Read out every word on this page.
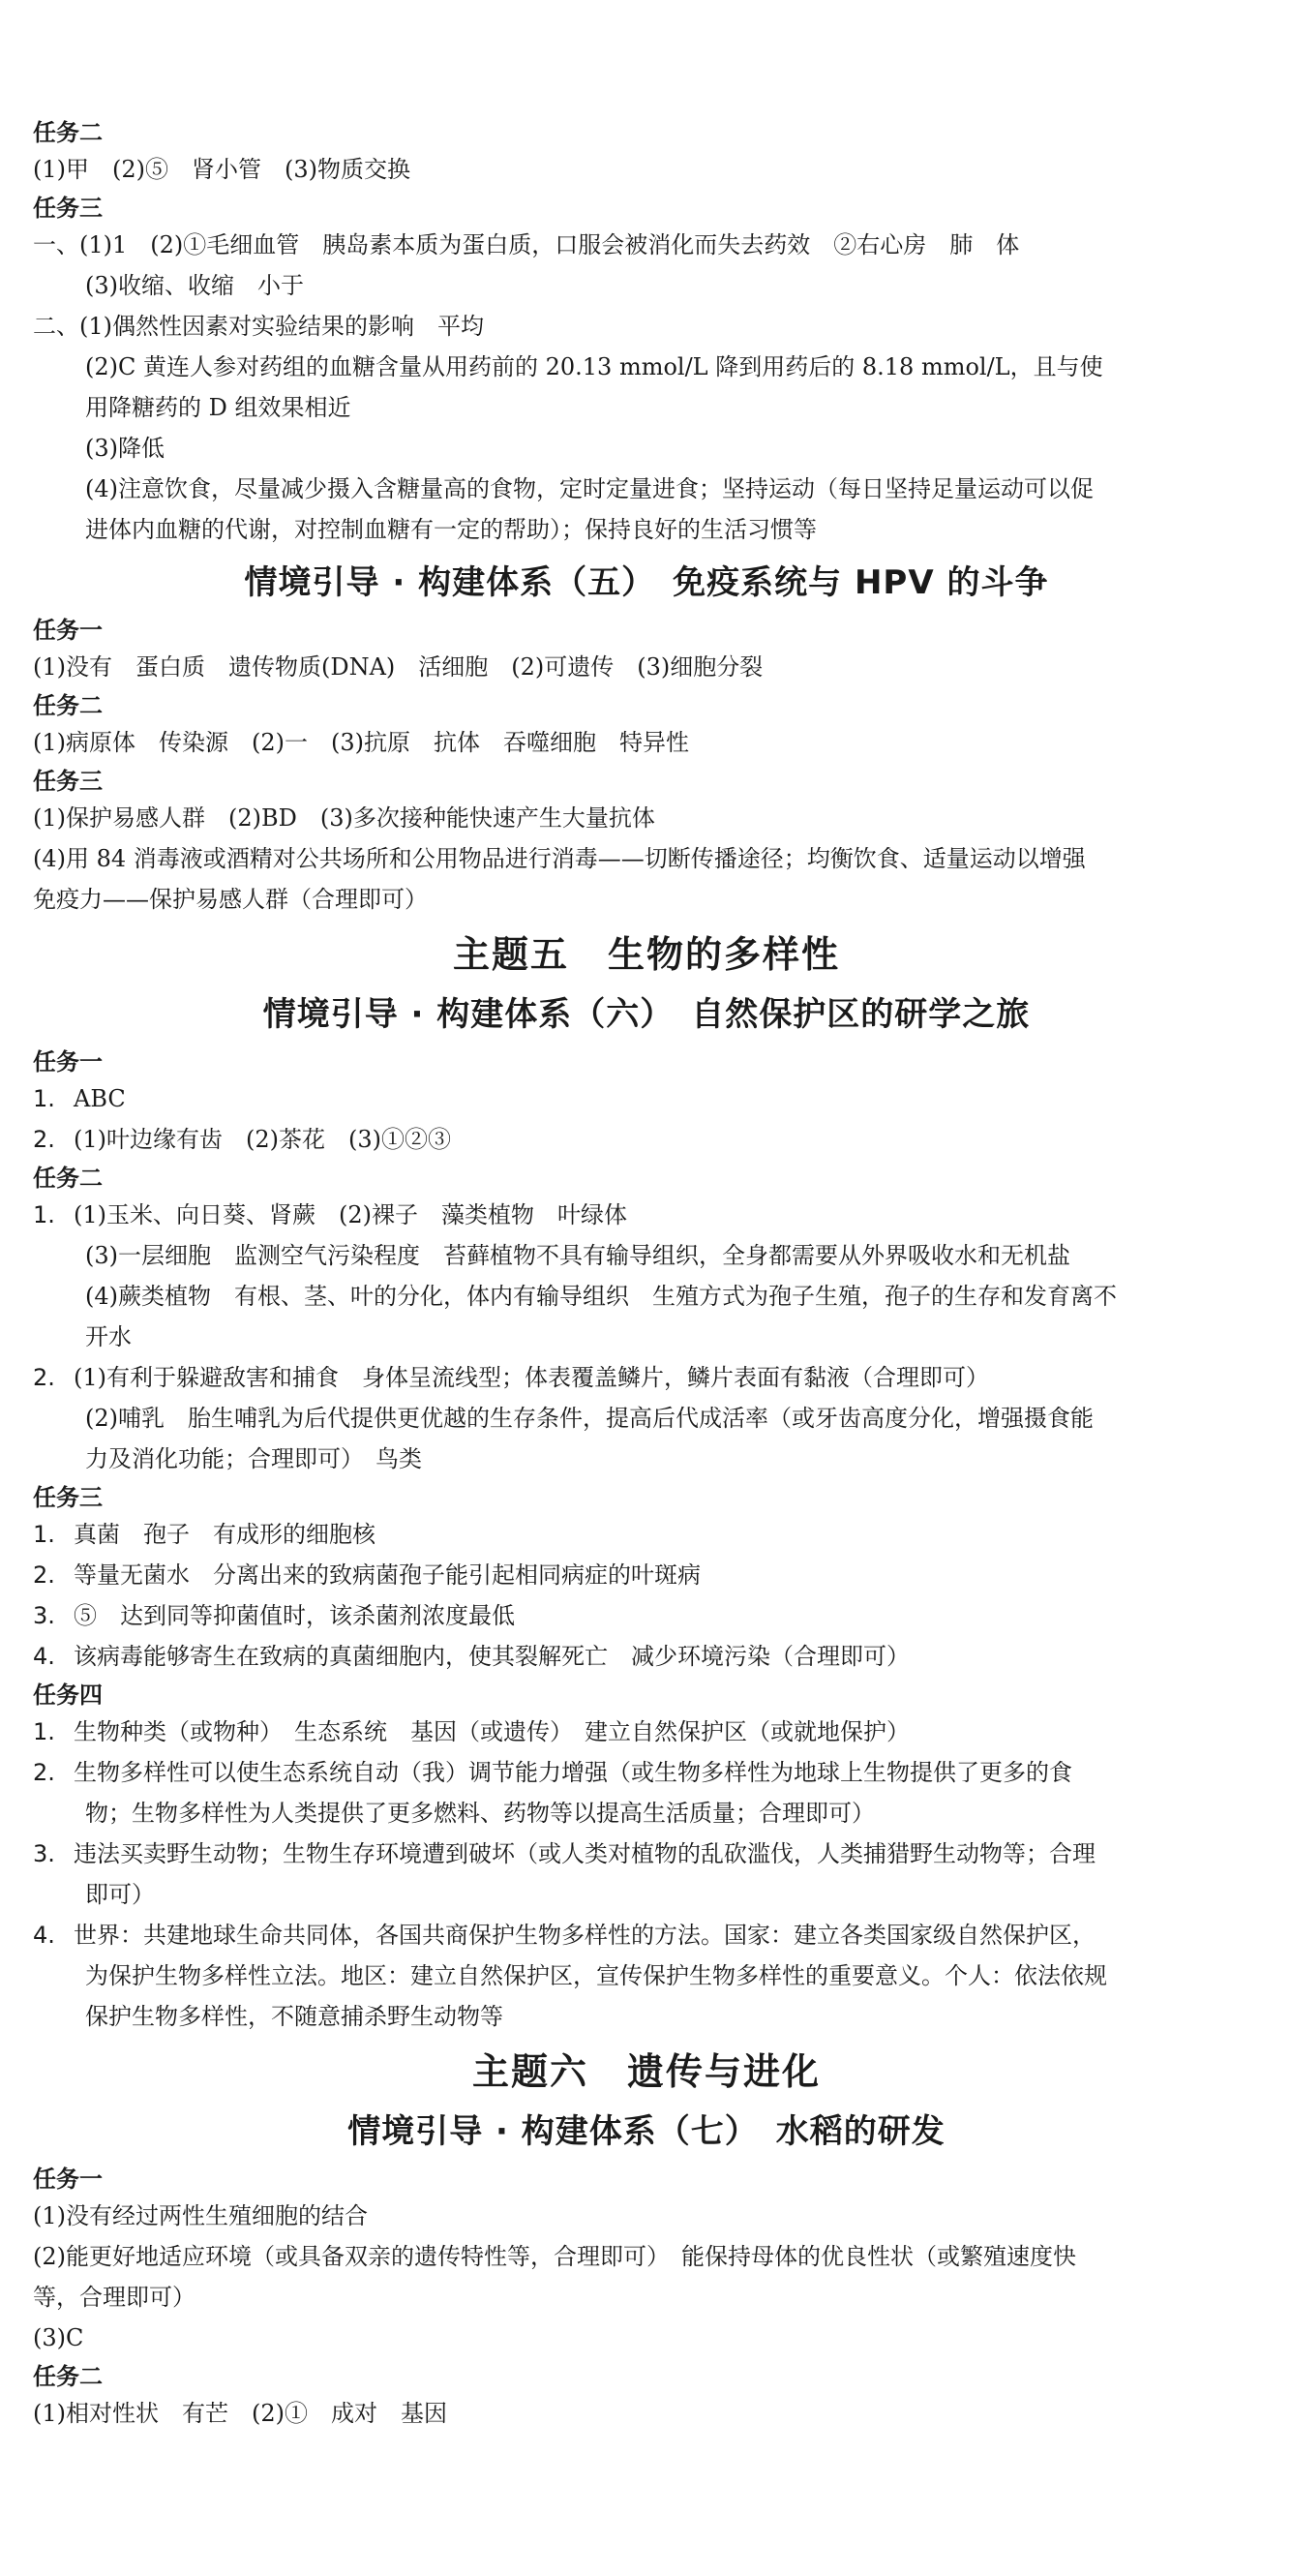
任务二
(1)甲　(2)⑤　肾小管　(3)物质交换
任务三
一、(1)1　(2)①毛细血管　胰岛素本质为蛋白质，口服会被消化而失去药效　②右心房　肺　体
(3)收缩、收缩　小于
二、(1)偶然性因素对实验结果的影响　平均
(2)C 黄连人参对药组的血糖含量从用药前的 20.13 mmol/L 降到用药后的 8.18 mmol/L，且与使
用降糖药的 D 组效果相近
(3)降低
(4)注意饮食，尽量减少摄入含糖量高的食物，定时定量进食；坚持运动（每日坚持足量运动可以促
进体内血糖的代谢，对控制血糖有一定的帮助）；保持良好的生活习惯等
情境引导 · 构建体系（五）　免疫系统与 HPV 的斗争
任务一
(1)没有　蛋白质　遗传物质(DNA)　活细胞　(2)可遗传　(3)细胞分裂
任务二
(1)病原体　传染源　(2)一　(3)抗原　抗体　吞噬细胞　特异性
任务三
(1)保护易感人群　(2)BD　(3)多次接种能快速产生大量抗体
(4)用 84 消毒液或酒精对公共场所和公用物品进行消毒——切断传播途径；均衡饮食、适量运动以增强
免疫力——保护易感人群（合理即可）
主题五　生物的多样性
情境引导 · 构建体系（六）　自然保护区的研学之旅
任务一
1. ABC
2. (1)叶边缘有齿　(2)茶花　(3)①②③
任务二
1. (1)玉米、向日葵、肾蕨　(2)裸子　藻类植物　叶绿体
(3)一层细胞　监测空气污染程度　苔藓植物不具有输导组织，全身都需要从外界吸收水和无机盐
(4)蕨类植物　有根、茎、叶的分化，体内有输导组织　生殖方式为孢子生殖，孢子的生存和发育离不
开水
2. (1)有利于躲避敌害和捕食　身体呈流线型；体表覆盖鳞片，鳞片表面有黏液（合理即可）
(2)哺乳　胎生哺乳为后代提供更优越的生存条件，提高后代成活率（或牙齿高度分化，增强摄食能
力及消化功能；合理即可）　鸟类
任务三
1. 真菌　孢子　有成形的细胞核
2. 等量无菌水　分离出来的致病菌孢子能引起相同病症的叶斑病
3. ⑤　达到同等抑菌值时，该杀菌剂浓度最低
4. 该病毒能够寄生在致病的真菌细胞内，使其裂解死亡　减少环境污染（合理即可）
任务四
1. 生物种类（或物种）　生态系统　基因（或遗传）　建立自然保护区（或就地保护）
2. 生物多样性可以使生态系统自动（我）调节能力增强（或生物多样性为地球上生物提供了更多的食
物；生物多样性为人类提供了更多燃料、药物等以提高生活质量；合理即可）
3. 违法买卖野生动物；生物生存环境遭到破坏（或人类对植物的乱砍滥伐，人类捕猎野生动物等；合理
即可）
4. 世界：共建地球生命共同体，各国共商保护生物多样性的方法。国家：建立各类国家级自然保护区，
为保护生物多样性立法。地区：建立自然保护区，宣传保护生物多样性的重要意义。个人：依法依规
保护生物多样性，不随意捕杀野生动物等
主题六　遗传与进化
情境引导 · 构建体系（七）　水稻的研发
任务一
(1)没有经过两性生殖细胞的结合
(2)能更好地适应环境（或具备双亲的遗传特性等，合理即可）　能保持母体的优良性状（或繁殖速度快
等，合理即可）
(3)C
任务二
(1)相对性状　有芒　(2)①　成对　基因
